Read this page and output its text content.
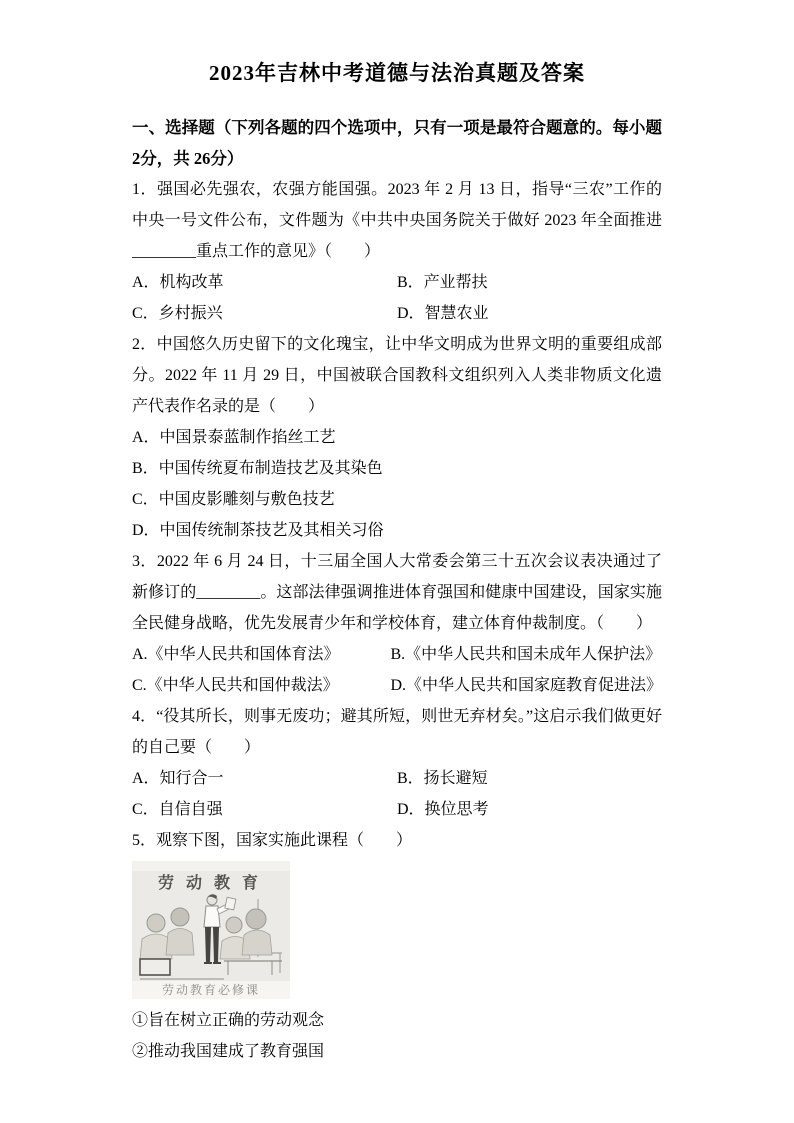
2023年吉林中考道德与法治真题及答案

一、选择题（下列各题的四个选项中，只有一项是最符合题意的。每小题 2分，共 26分）

1．强国必先强农，农强方能国强。2023 年 2 月 13 日，指导“三农”工作的中央一号文件公布，文件题为《中共中央国务院关于做好 2023 年全面推进________重点工作的意见》（　　）

A．机构改革	B．产业帮扶
C．乡村振兴	D．智慧农业

2．中国悠久历史留下的文化瑰宝，让中华文明成为世界文明的重要组成部分。2022 年 11 月 29 日，中国被联合国教科文组织列入人类非物质文化遗产代表作名录的是（　　）

A．中国景泰蓝制作掐丝工艺
B．中国传统夏布制造技艺及其染色
C．中国皮影雕刻与敷色技艺
D．中国传统制茶技艺及其相关习俗

3．2022 年 6 月 24 日，十三届全国人大常委会第三十五次会议表决通过了新修订的________。这部法律强调推进体育强国和健康中国建设，国家实施全民健身战略，优先发展青少年和学校体育，建立体育仲裁制度。（　　）

A.《中华人民共和国体育法》	B.《中华人民共和国未成年人保护法》
C.《中华人民共和国仲裁法》	D.《中华人民共和国家庭教育促进法》

4．“役其所长，则事无废功；避其所短，则世无弃材矣。”这启示我们做更好的自己要（　　）

A．知行合一	B．扬长避短
C．自信自强	D．换位思考

5．观察下图，国家实施此课程（　　）

劳 动 教 育
劳动教育必修课

①旨在树立正确的劳动观念

②推动我国建成了教育强国
